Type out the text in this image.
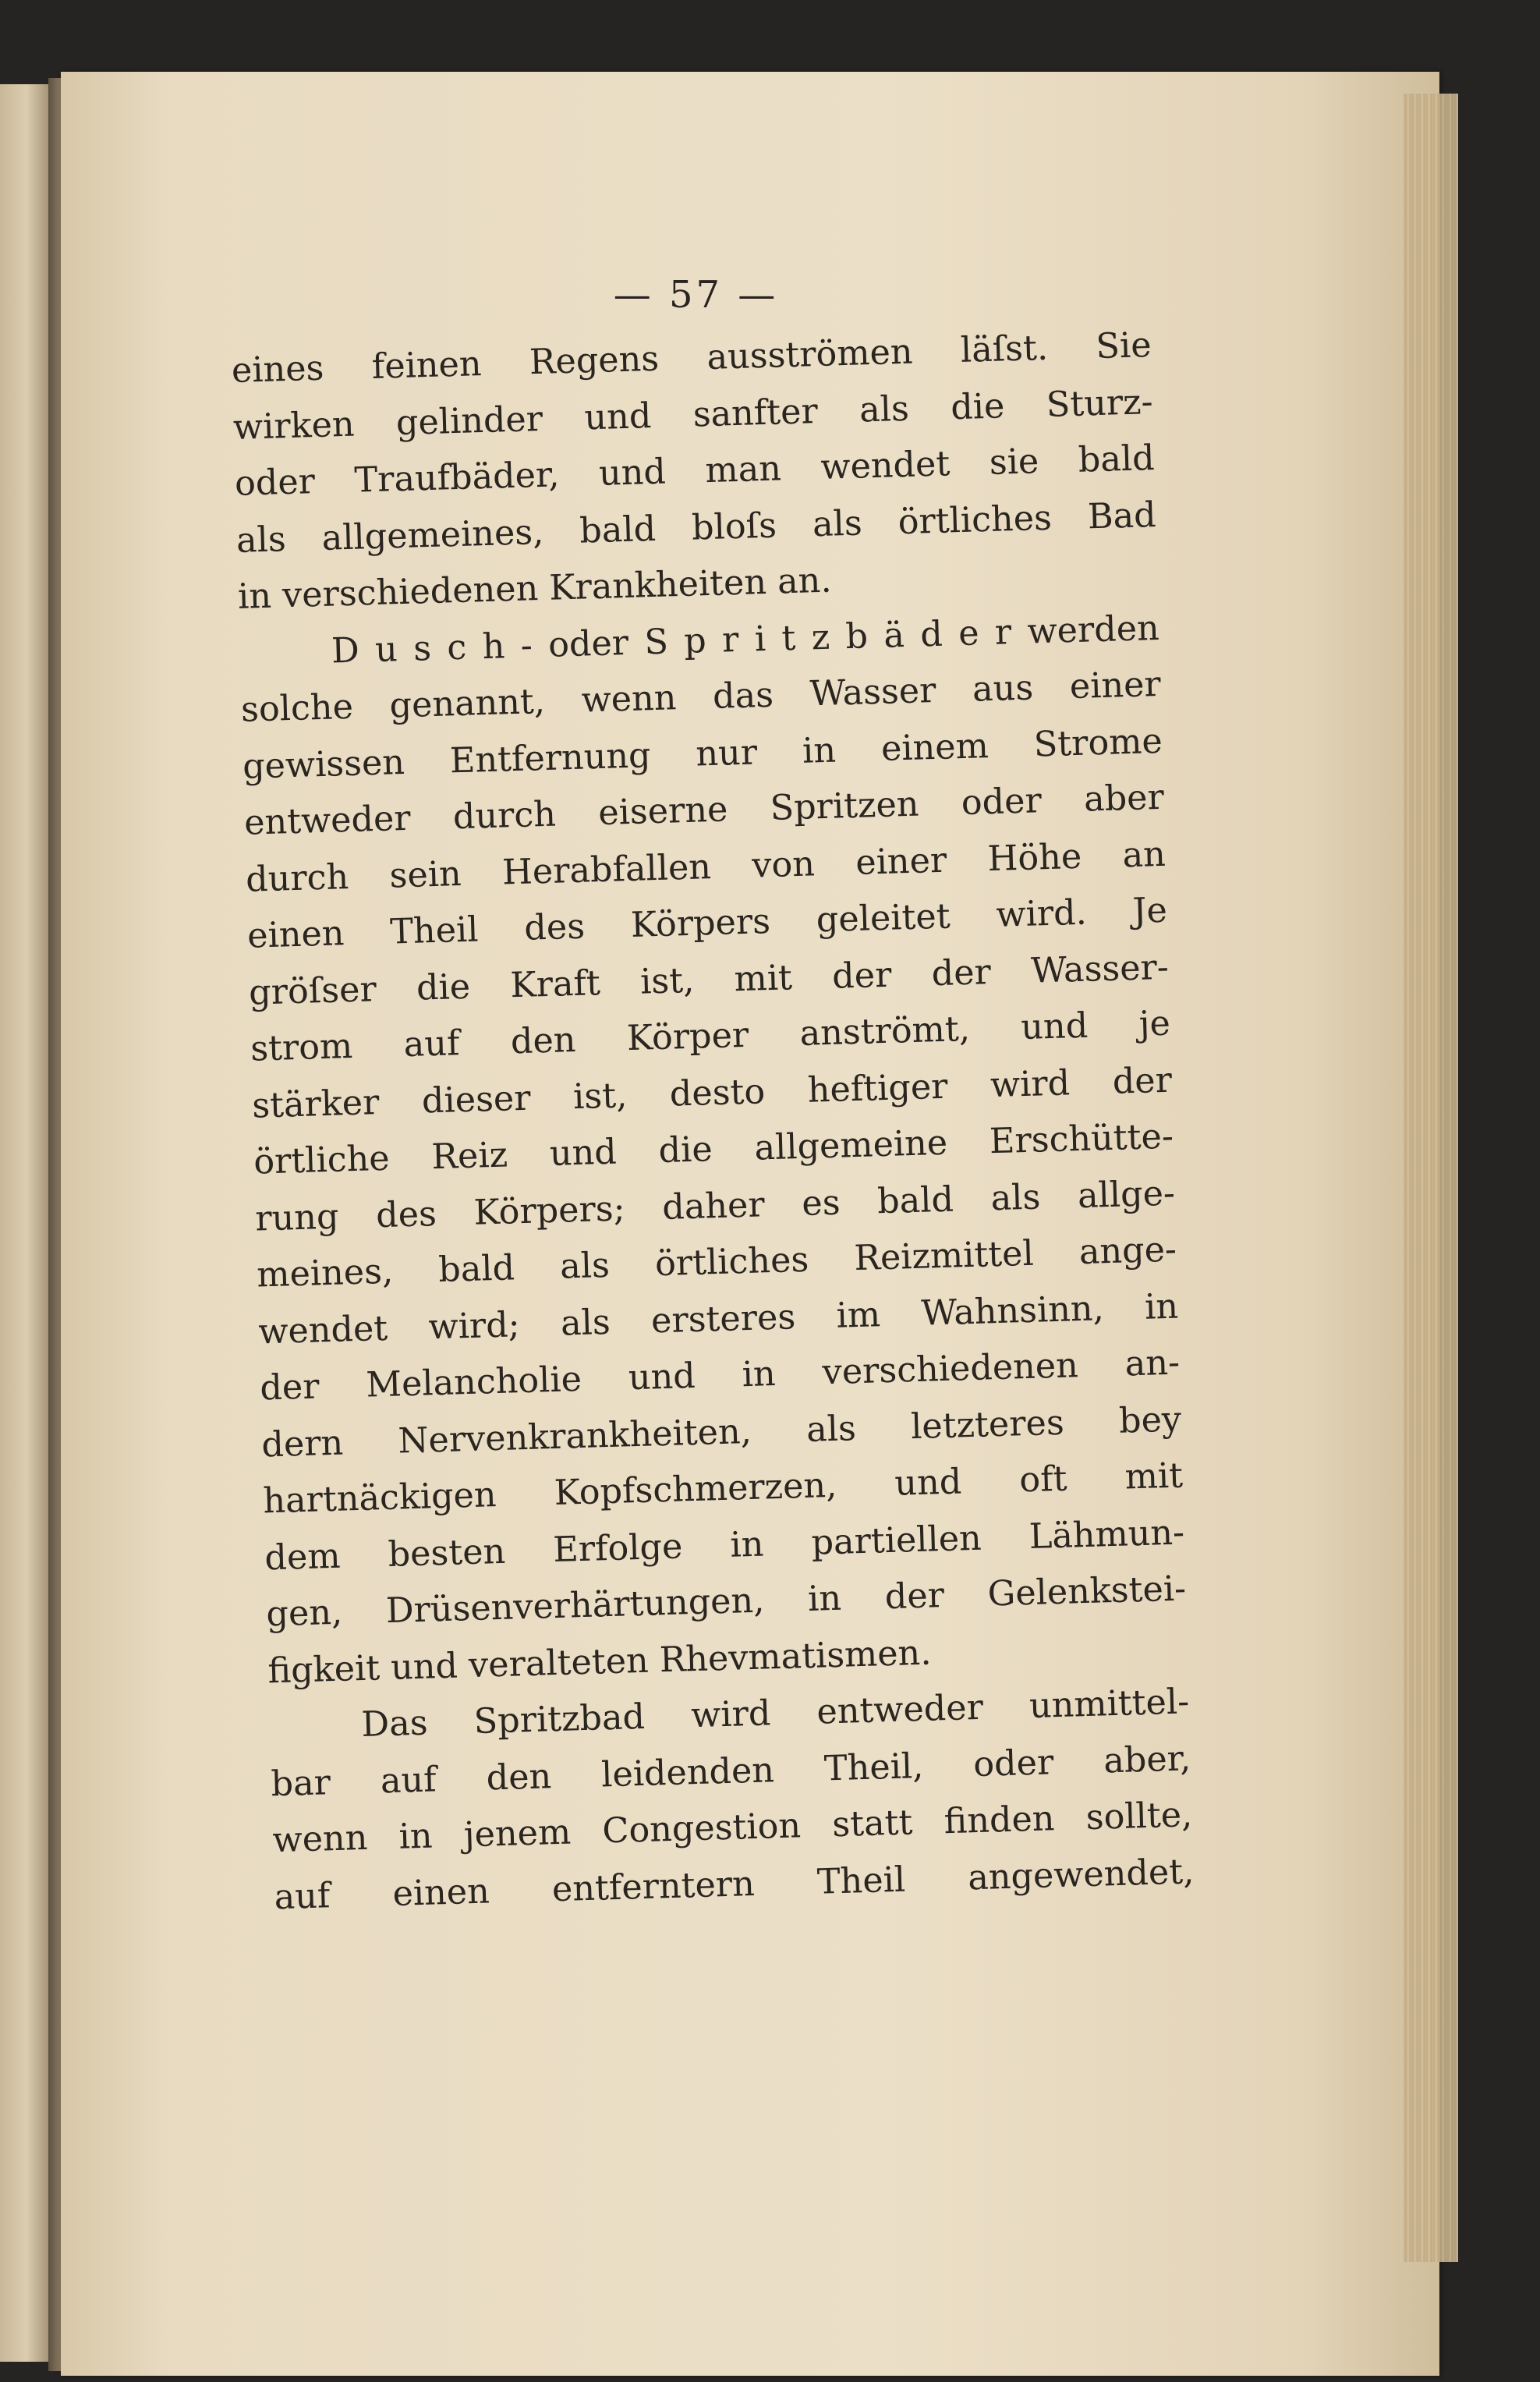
— 57 —
eines feinen Regens ausströmen läſst. Sie
wirken gelinder und sanfter als die Sturz-
oder Traufbäder, und man wendet sie bald
als allgemeines, bald bloſs als örtliches Bad
in verschiedenen Krankheiten an.
D u s c h - oder S p r i t z b ä d e r werden
solche genannt, wenn das Wasser aus einer
gewissen Entfernung nur in einem Strome
entweder durch eiserne Spritzen oder aber
durch sein Herabfallen von einer Höhe an
einen Theil des Körpers geleitet wird. Je
gröſser die Kraft ist, mit der der Wasser-
strom auf den Körper anströmt, und je
stärker dieser ist, desto heftiger wird der
örtliche Reiz und die allgemeine Erschütte-
rung des Körpers; daher es bald als allge-
meines, bald als örtliches Reizmittel ange-
wendet wird; als ersteres im Wahnsinn, in
der Melancholie und in verschiedenen an-
dern Nervenkrankheiten, als letzteres bey
hartnäckigen Kopfschmerzen, und oft mit
dem besten Erfolge in partiellen Lähmun-
gen, Drüsenverhärtungen, in der Gelenkstei-
figkeit und veralteten Rhevmatismen.
Das Spritzbad wird entweder unmittel-
bar auf den leidenden Theil, oder aber,
wenn in jenem Congestion statt finden sollte,
auf einen entferntern Theil angewendet,
